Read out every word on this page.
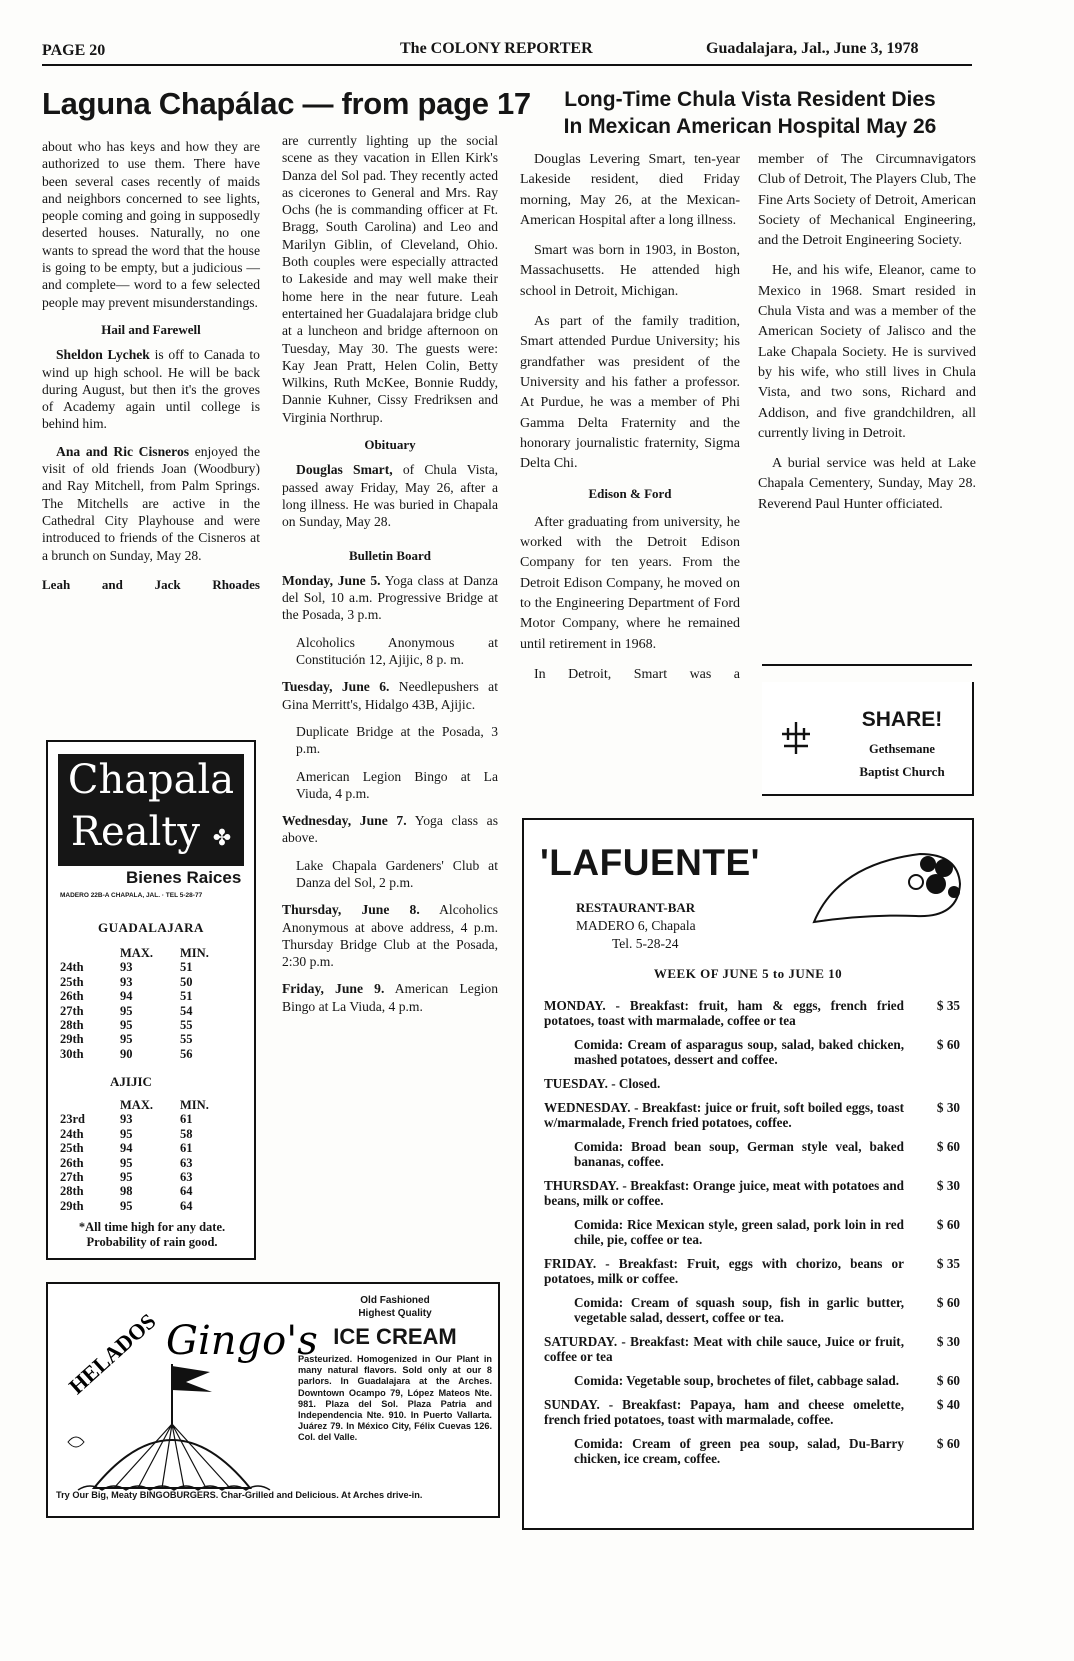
PAGE 20	The COLONY REPORTER	Guadalajara, Jal., June 3, 1978
Laguna Chapálac — from page 17

about who has keys and how they are authorized to use them. There have been several cases recently of maids and neighbors concerned to see lights, people coming and going in supposedly deserted houses. Naturally, no one wants to spread the word that the house is going to be empty, but a judicious — and complete— word to a few selected people may prevent misunderstandings.

Hail and Farewell

Sheldon Lychek is off to Canada to wind up high school. He will be back during August, but then it's the groves of Academy again until college is behind him.

Ana and Ric Cisneros enjoyed the visit of old friends Joan (Woodbury) and Ray Mitchell, from Palm Springs. The Mitchells are active in the Cathedral City Playhouse and were introduced to friends of the Cisneros at a brunch on Sunday, May 28.

Leah and Jack Rhoades

are currently lighting up the social scene as they vacation in Ellen Kirk's Danza del Sol pad. They recently acted as cicerones to General and Mrs. Ray Ochs (he is commanding officer at Ft. Bragg, South Carolina) and Leo and Marilyn Giblin, of Cleveland, Ohio. Both couples were especially attracted to Lakeside and may well make their home here in the near future. Leah entertained her Guadalajara bridge club at a luncheon and bridge afternoon on Tuesday, May 30. The guests were: Kay Jean Pratt, Helen Colin, Betty Wilkins, Ruth McKee, Bonnie Ruddy, Dannie Kuhner, Cissy Fredriksen and Virginia Northrup.

Obituary

Douglas Smart, of Chula Vista, passed away Friday, May 26, after a long illness. He was buried in Chapala on Sunday, May 28.

Bulletin Board

Monday, June 5. Yoga class at Danza del Sol, 10 a.m. Progressive Bridge at the Posada, 3 p.m.

Alcoholics Anonymous at Constitución 12, Ajijic, 8 p. m.

Tuesday, June 6. Needlepushers at Gina Merritt's, Hidalgo 43B, Ajijic.

Duplicate Bridge at the Posada, 3 p.m.

American Legion Bingo at La Viuda, 4 p.m.

Wednesday, June 7. Yoga class as above.

Lake Chapala Gardeners' Club at Danza del Sol, 2 p.m.

Thursday, June 8. Alcoholics Anonymous at above address, 4 p.m. Thursday Bridge Club at the Posada, 2:30 p.m.

Friday, June 9. American Legion Bingo at La Viuda, 4 p.m.

Chapala
Realty ✤
Bienes Raices
MADERO 22B-A CHAPALA, JAL. · TEL 5-28-77
GUADALAJARA
	MAX.	MIN.
24th	93	51
25th	93	50
26th	94	51
27th	95	54
28th	95	55
29th	95	55
30th	90	56
AJIJIC
	MAX.	MIN.
23rd	93	61
24th	95	58
25th	94	61
26th	95	63
27th	95	63
28th	98	64
29th	95	64
*All time high for any date. Probability of rain good.
HELADOS Gingo's
Old Fashioned
Highest Quality
ICE CREAM
Pasteurized. Homogenized in Our Plant in many natural flavors. Sold only at our 8 parlors. In Guadalajara at the Arches. Downtown Ocampo 79, López Mateos Nte. 981. Plaza del Sol. Plaza Patria and Independencia Nte. 910. In Puerto Vallarta. Juárez 79. In México City, Félix Cuevas 126. Col. del Valle.
Try Our Big, Meaty BINGOBURGERS. Char-Grilled and Delicious. At Arches drive-in.
Long-Time Chula Vista Resident Dies
In Mexican American Hospital May 26

Douglas Levering Smart, ten-year Lakeside resident, died Friday morning, May 26, at the Mexican-American Hospital after a long illness.

Smart was born in 1903, in Boston, Massachusetts. He attended high school in Detroit, Michigan.

As part of the family tradition, Smart attended Purdue University; his grandfather was president of the University and his father a professor. At Purdue, he was a member of Phi Gamma Delta Fraternity and the honorary journalistic fraternity, Sigma Delta Chi.

Edison & Ford

After graduating from university, he worked with the Detroit Edison Company for ten years. From the Detroit Edison Company, he moved on to the Engineering Department of Ford Motor Company, where he remained until retirement in 1968.

In Detroit, Smart was a

member of The Circumnavigators Club of Detroit, The Players Club, The Fine Arts Society of Detroit, American Society of Mechanical Engineering, and the Detroit Engineering Society.

He, and his wife, Eleanor, came to Mexico in 1968. Smart resided in Chula Vista and was a member of the American Society of Jalisco and the Lake Chapala Society. He is survived by his wife, who still lives in Chula Vista, and two sons, Richard and Addison, and five grandchildren, all currently living in Detroit.

A burial service was held at Lake Chapala Cementery, Sunday, May 28. Reverend Paul Hunter officiated.

SHARE!
Gethsemane
Baptist Church
'LAFUENTE'
RESTAURANT-BAR
MADERO 6, Chapala
Tel. 5-28-24
WEEK OF JUNE 5 to JUNE 10
MONDAY. - Breakfast: fruit, ham & eggs, french fried potatoes, toast with marmalade, coffee or tea
$ 35
Comida: Cream of asparagus soup, salad, baked chicken, mashed potatoes, dessert and coffee.
$ 60
TUESDAY. - Closed.
WEDNESDAY. - Breakfast: juice or fruit, soft boiled eggs, toast w/marmalade, French fried potatoes, coffee.
$ 30
Comida: Broad bean soup, German style veal, baked bananas, coffee.
$ 60
THURSDAY. - Breakfast: Orange juice, meat with potatoes and beans, milk or coffee.
$ 30
Comida: Rice Mexican style, green salad, pork loin in red chile, pie, coffee or tea.
$ 60
FRIDAY. - Breakfast: Fruit, eggs with chorizo, beans or potatoes, milk or coffee.
$ 35
Comida: Cream of squash soup, fish in garlic butter, vegetable salad, dessert, coffee or tea.
$ 60
SATURDAY. - Breakfast: Meat with chile sauce, Juice or fruit, coffee or tea
$ 30
Comida: Vegetable soup, brochetes of filet, cabbage salad.	$ 60
SUNDAY. - Breakfast: Papaya, ham and cheese omelette, french fried potatoes, toast with marmalade, coffee.
$ 40
Comida: Cream of green pea soup, salad, Du-Barry chicken, ice cream, coffee.
$ 60
